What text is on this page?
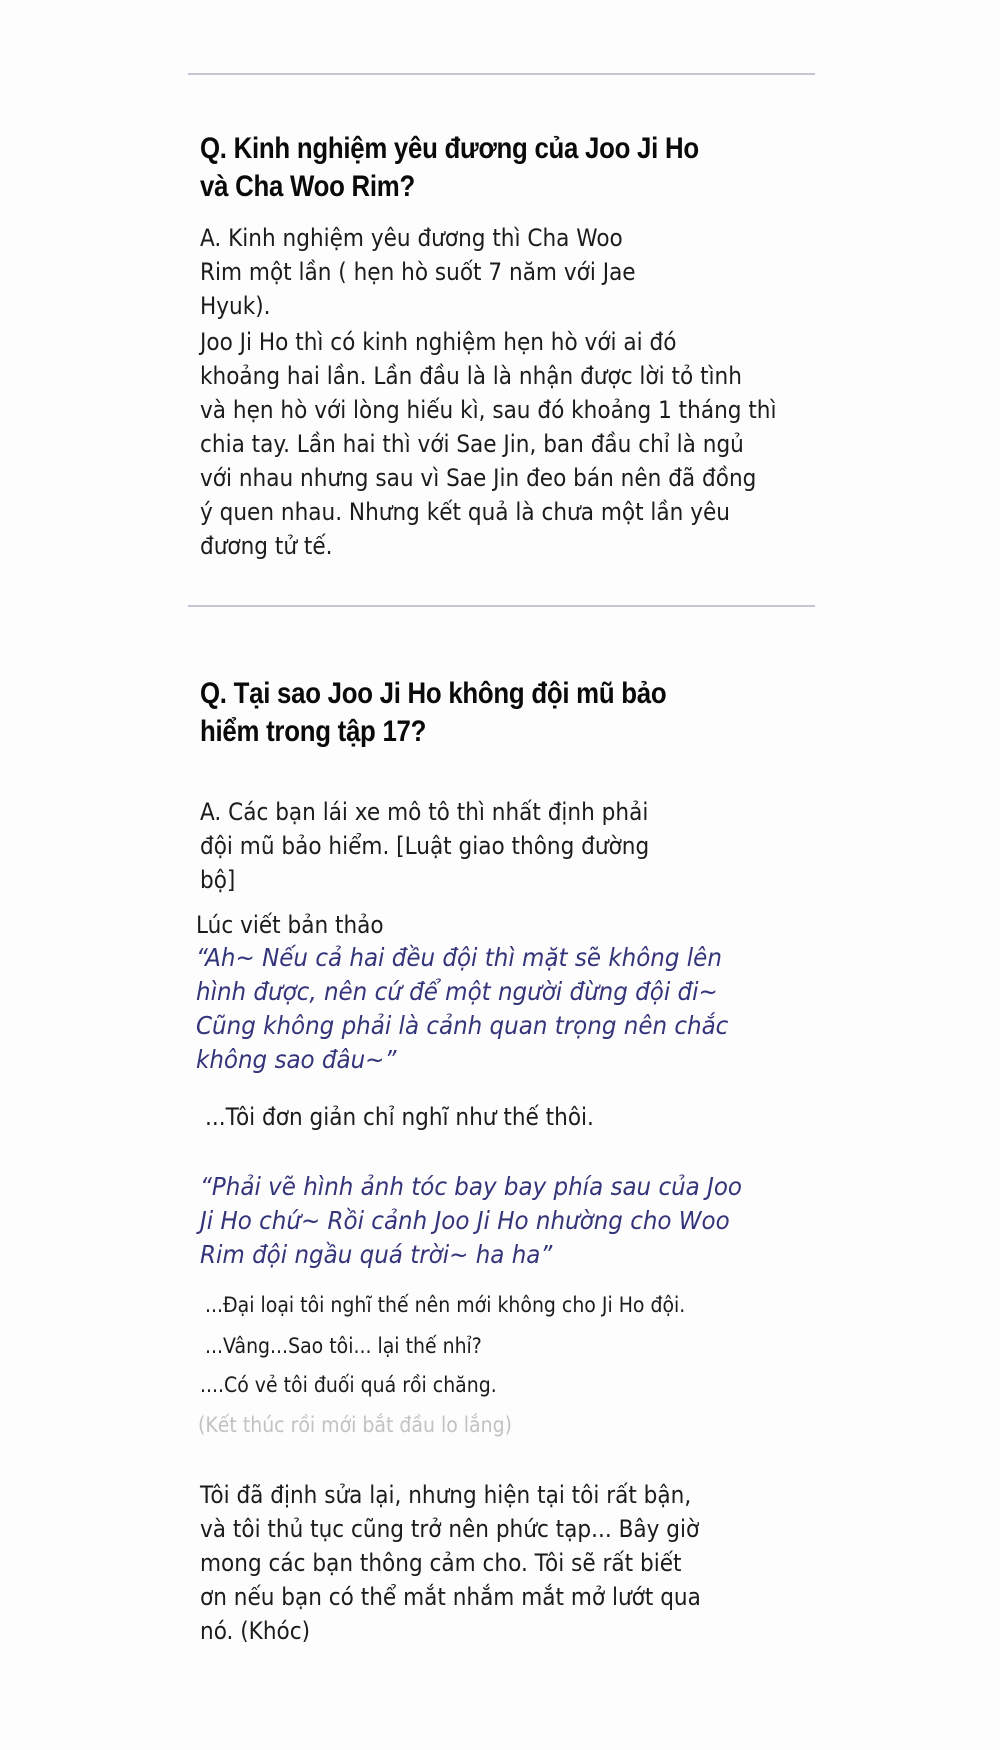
Q. Kinh nghiệm yêu đương của Joo Ji Ho
và Cha Woo Rim?
A. Kinh nghiệm yêu đương thì Cha Woo
Rim một lần ( hẹn hò suốt 7 năm với Jae
Hyuk).
Joo Ji Ho thì có kinh nghiệm hẹn hò với ai đó
khoảng hai lần. Lần đầu là là nhận được lời tỏ tình
và hẹn hò với lòng hiếu kì, sau đó khoảng 1 tháng thì
chia tay. Lần hai thì với Sae Jin, ban đầu chỉ là ngủ
với nhau nhưng sau vì Sae Jin đeo bán nên đã đồng
ý quen nhau. Nhưng kết quả là chưa một lần yêu
đương tử tế.
Q. Tại sao Joo Ji Ho không đội mũ bảo
hiểm trong tập 17?
A. Các bạn lái xe mô tô thì nhất định phải
đội mũ bảo hiểm. [Luật giao thông đường
bộ]
Lúc viết bản thảo
“Ah~ Nếu cả hai đều đội thì mặt sẽ không lên
hình được, nên cứ để một người đừng đội đi~
Cũng không phải là cảnh quan trọng nên chắc
không sao đâu~”
...Tôi đơn giản chỉ nghĩ như thế thôi.
“Phải vẽ hình ảnh tóc bay bay phía sau của Joo
Ji Ho chứ~ Rồi cảnh Joo Ji Ho nhường cho Woo
Rim đội ngầu quá trời~ ha ha”
...Đại loại tôi nghĩ thế nên mới không cho Ji Ho đội.
...Vâng...Sao tôi... lại thế nhỉ?
....Có vẻ tôi đuối quá rồi chăng.
(Kết thúc rồi mới bắt đầu lo lắng)
Tôi đã định sửa lại, nhưng hiện tại tôi rất bận,
và tôi thủ tục cũng trở nên phức tạp... Bây giờ
mong các bạn thông cảm cho. Tôi sẽ rất biết
ơn nếu bạn có thể mắt nhắm mắt mở lướt qua
nó. (Khóc)
